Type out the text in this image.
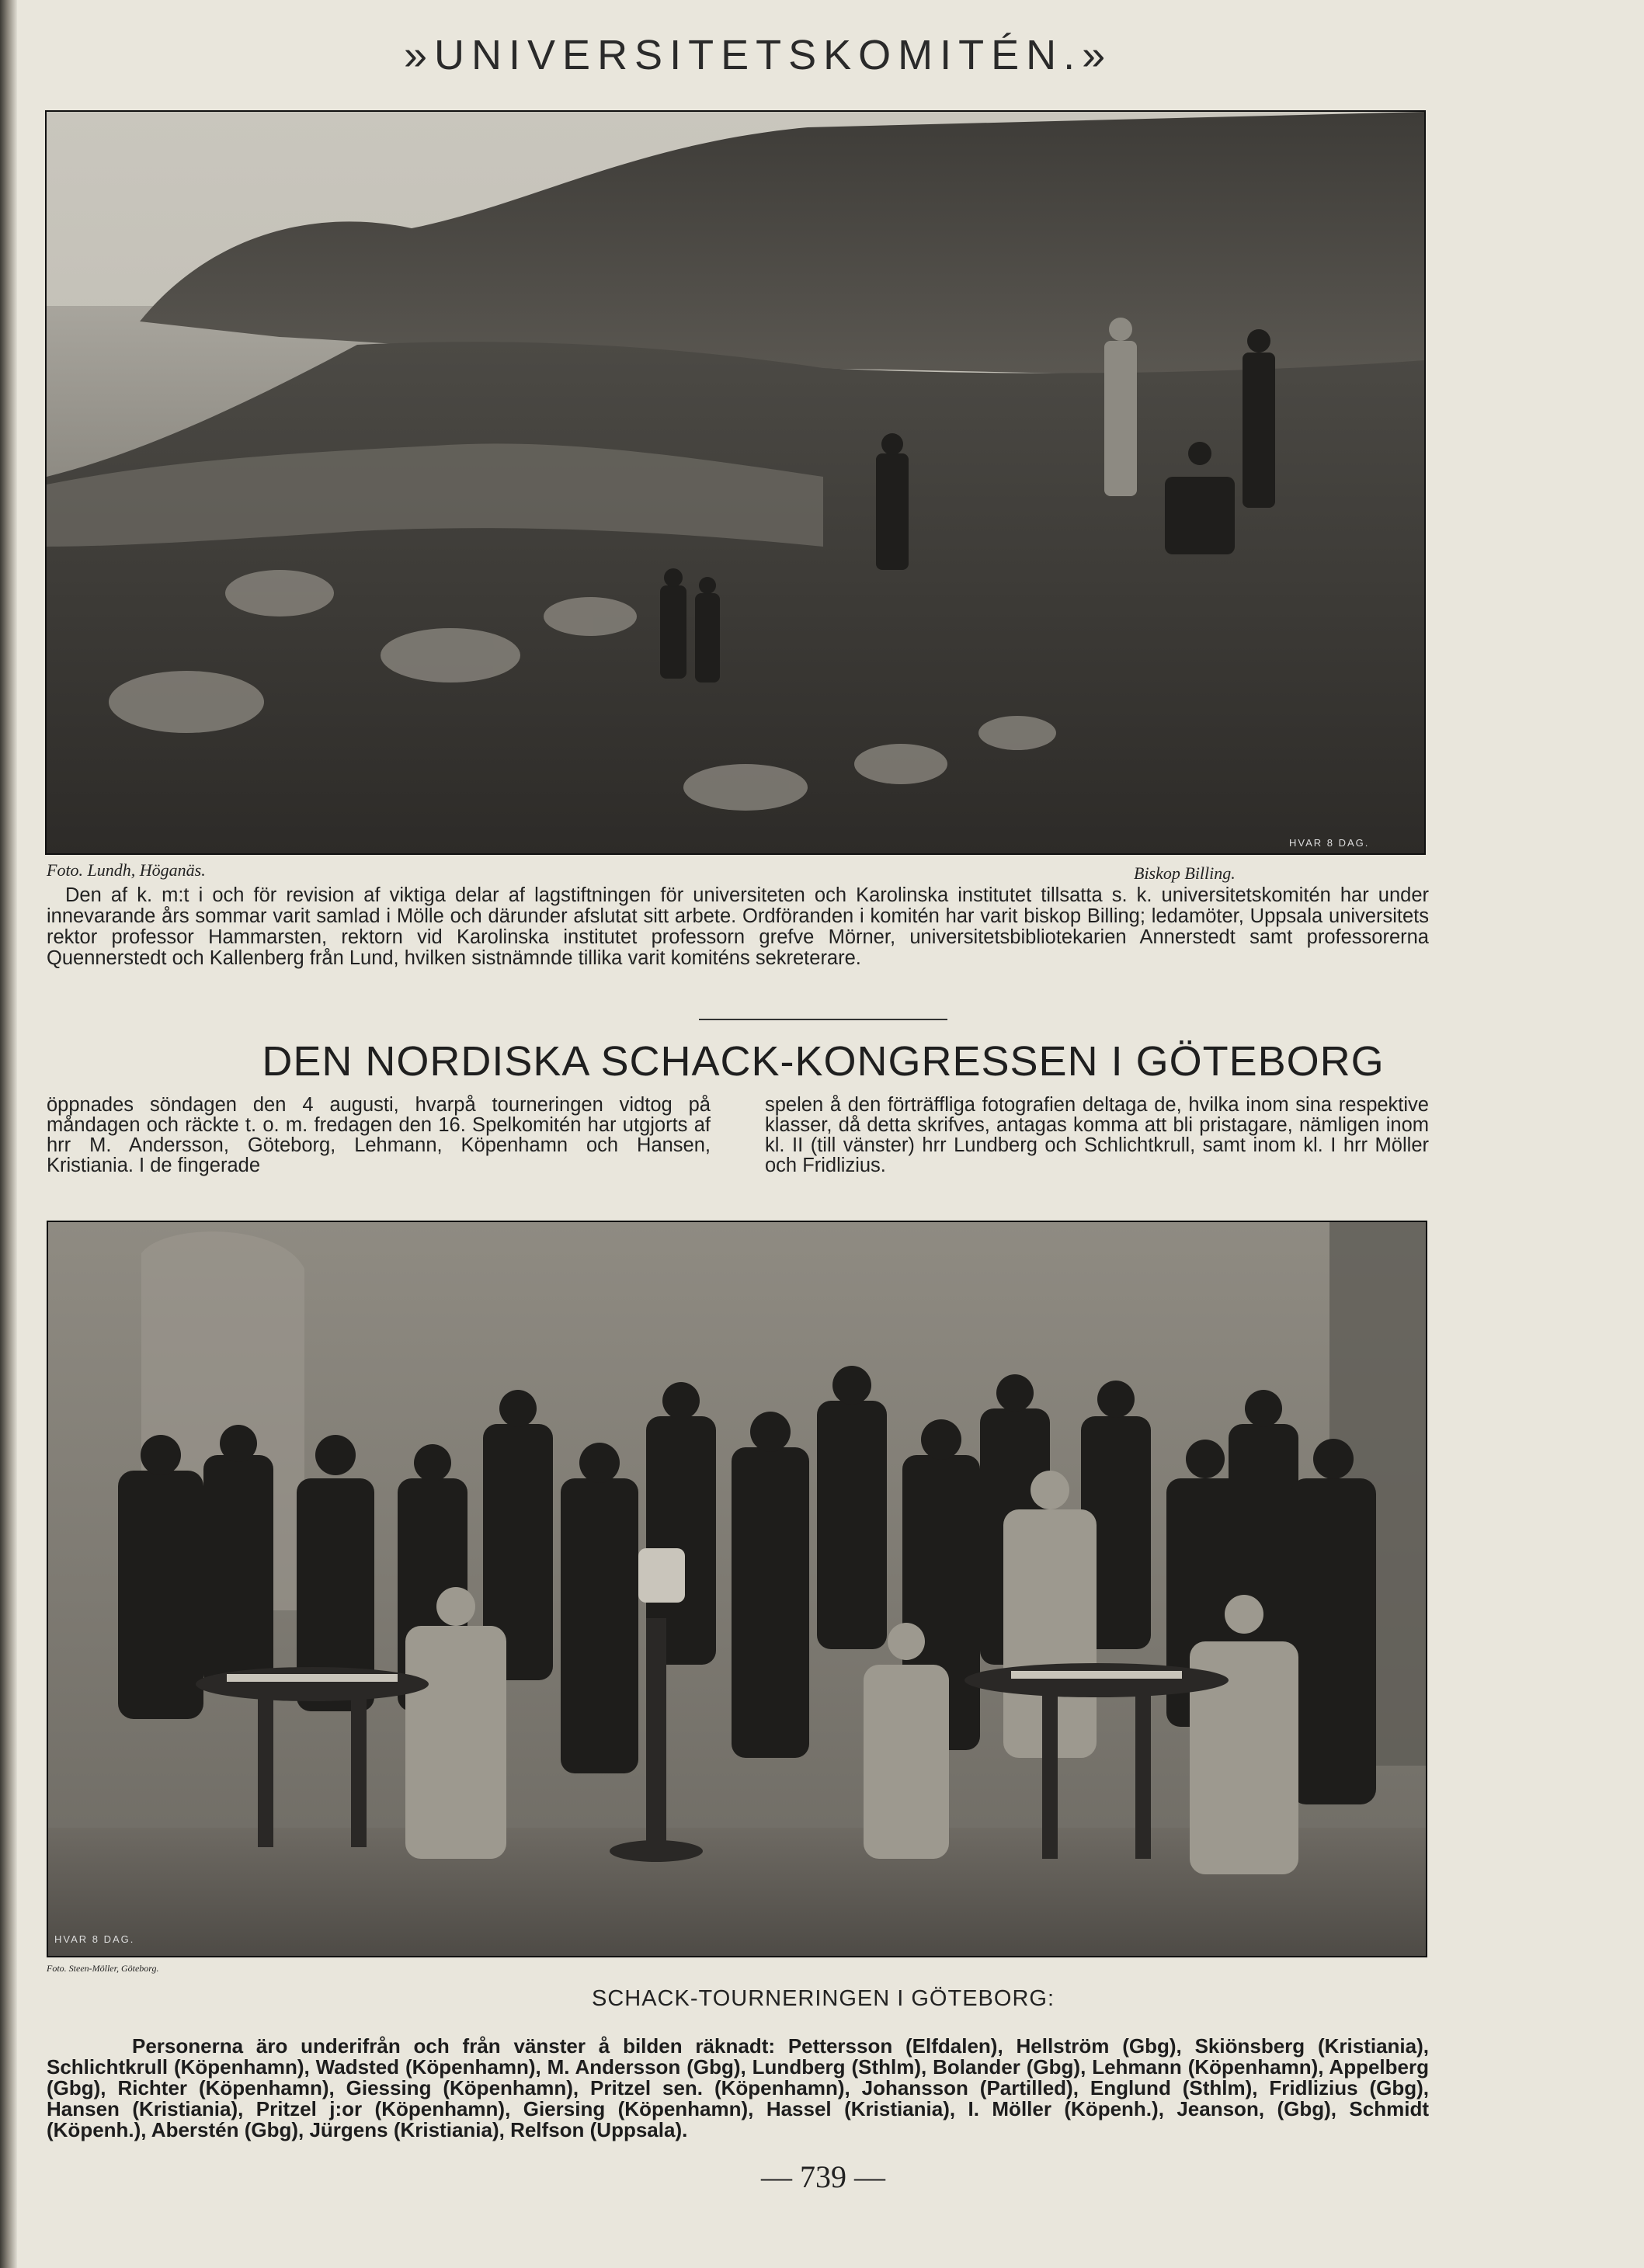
»UNIVERSITETSKOMITÉN.»
HVAR 8 DAG.
Foto. Lundh, Höganäs.	Biskop Billing.
Den af k. m:t i och för revision af viktiga delar af lagstiftningen för universiteten och Karolinska institutet tillsatta s. k. universitetskomitén har under innevarande års sommar varit samlad i Mölle och därunder afslutat sitt arbete. Ordföranden i komitén har varit biskop Billing; ledamöter, Uppsala universitets rektor professor Hammarsten, rektorn vid Karolinska institutet professorn grefve Mörner, universitetsbibliotekarien Annerstedt samt professorerna Quennerstedt och Kallenberg från Lund, hvilken sistnämnde tillika varit komiténs sekreterare.
DEN NORDISKA SCHACK-KONGRESSEN I GÖTEBORG
öppnades söndagen den 4 augusti, hvarpå tourneringen vidtog på måndagen och räckte t. o. m. fredagen den 16. Spelkomitén har utgjorts af hrr M. Andersson, Göteborg, Lehmann, Köpenhamn och Hansen, Kristiania. I de fingerade
spelen å den förträffliga fotografien deltaga de, hvilka inom sina respektive klasser, då detta skrifves, antagas komma att bli pristagare, nämligen inom kl. II (till vänster) hrr Lundberg och Schlichtkrull, samt inom kl. I hrr Möller och Fridlizius.
HVAR 8 DAG.
Foto. Steen-Möller, Göteborg.
SCHACK-TOURNERINGEN I GÖTEBORG:
Personerna äro underifrån och från vänster å bilden räknadt: Pettersson (Elfdalen), Hellström (Gbg), Skiönsberg (Kristiania), Schlichtkrull (Köpenhamn), Wadsted (Köpenhamn), M. Andersson (Gbg), Lundberg (Sthlm), Bolander (Gbg), Lehmann (Köpenhamn), Appelberg (Gbg), Richter (Köpenhamn), Giessing (Köpenhamn), Pritzel sen. (Köpenhamn), Johansson (Partilled), Englund (Sthlm), Fridlizius (Gbg), Hansen (Kristiania), Pritzel j:or (Köpenhamn), Giersing (Köpenhamn), Hassel (Kristiania), I. Möller (Köpenh.), Jeanson, (Gbg), Schmidt (Köpenh.), Aberstén (Gbg), Jürgens (Kristiania), Relfson (Uppsala).
— 739 —
